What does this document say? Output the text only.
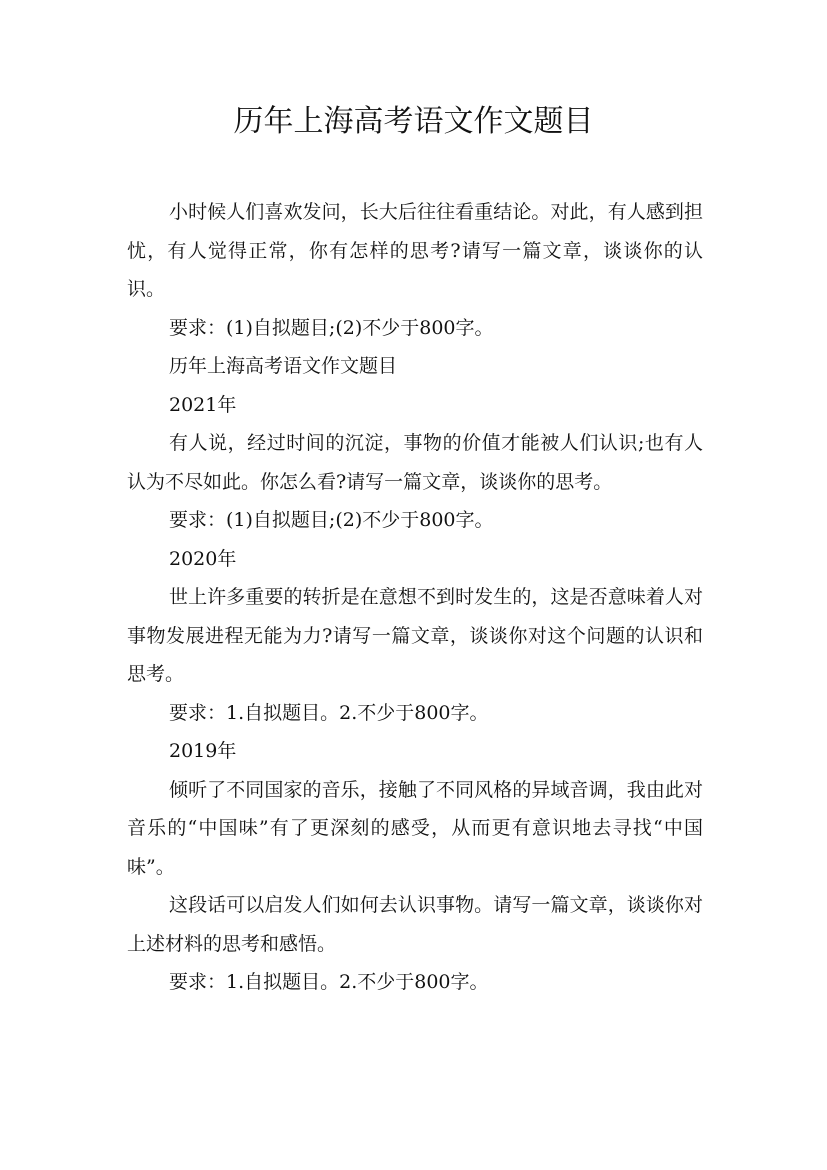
历年上海高考语文作文题目

小时候人们喜欢发问，长大后往往看重结论。对此，有人感到担忧，有人觉得正常，你有怎样的思考?请写一篇文章，谈谈你的认识。

要求：(1)自拟题目;(2)不少于800字。

历年上海高考语文作文题目

2021年

有人说，经过时间的沉淀，事物的价值才能被人们认识;也有人认为不尽如此。你怎么看?请写一篇文章，谈谈你的思考。

要求：(1)自拟题目;(2)不少于800字。

2020年

世上许多重要的转折是在意想不到时发生的，这是否意味着人对事物发展进程无能为力?请写一篇文章，谈谈你对这个问题的认识和思考。

要求：1.自拟题目。2.不少于800字。

2019年

倾听了不同国家的音乐，接触了不同风格的异域音调，我由此对音乐的“中国味”有了更深刻的感受，从而更有意识地去寻找“中国味”。

这段话可以启发人们如何去认识事物。请写一篇文章，谈谈你对上述材料的思考和感悟。

要求：1.自拟题目。2.不少于800字。
